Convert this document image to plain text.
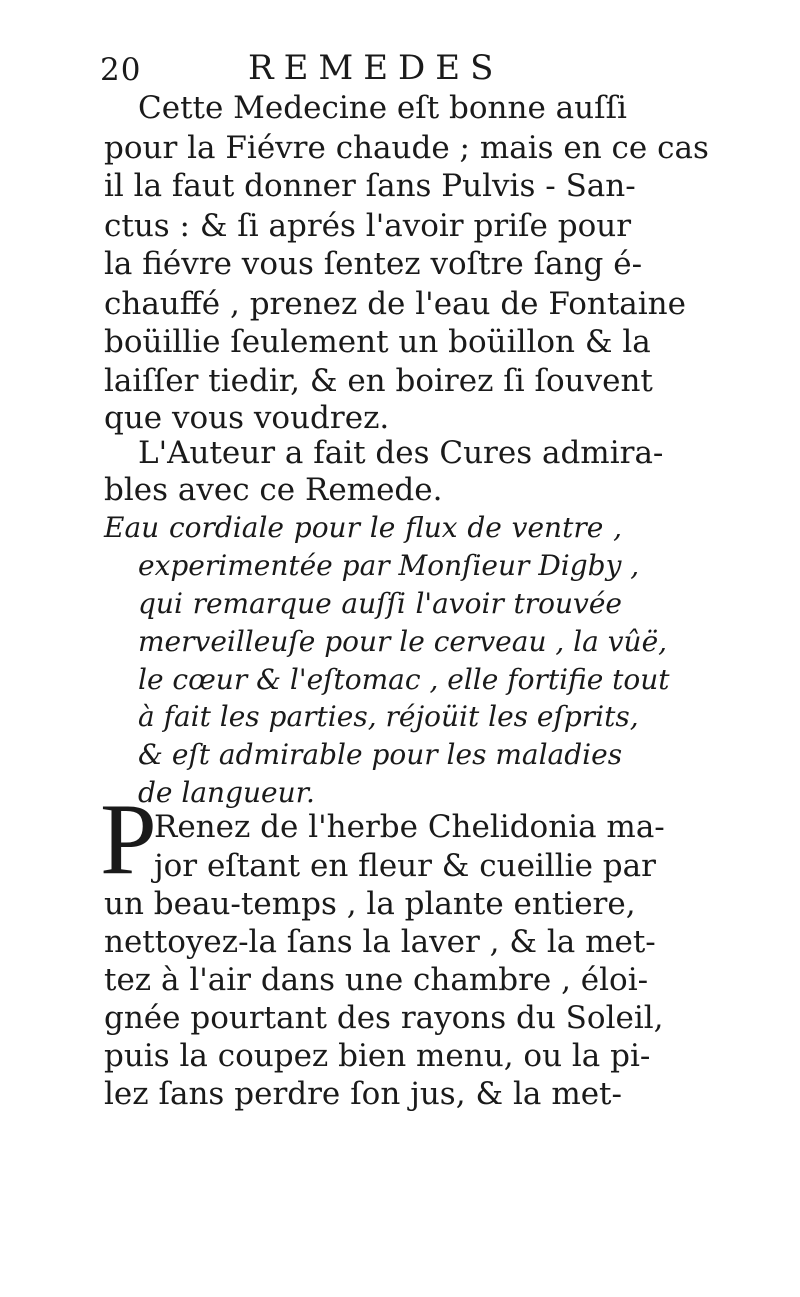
20	REMEDES
Cette Medecine eſt bonne auſſi
pour la Fiévre chaude ; mais en ce cas
il la faut donner ſans Pulvis - San-
ctus : & ſi aprés l'avoir priſe pour
la fiévre vous ſentez voſtre ſang é-
chauffé , prenez de l'eau de Fontaine
boüillie ſeulement un boüillon & la
laiſſer tiedir, & en boirez ſi ſouvent
que vous voudrez.
L'Auteur a fait des Cures admira-
bles avec ce Remede.
Eau cordiale pour le flux de ventre ,
experimentée par Monſieur Digby ,
qui remarque auſſi l'avoir trouvée
merveilleuſe pour le cerveau , la vûë,
le cœur & l'eſtomac , elle fortifie tout
à fait les parties, réjoüit les eſprits,
& eſt admirable pour les maladies
de langueur.
P
Renez de l'herbe Chelidonia ma-
jor eſtant en fleur & cueillie par
un beau-temps , la plante entiere,
nettoyez-la ſans la laver , & la met-
tez à l'air dans une chambre , éloi-
gnée pourtant des rayons du Soleil,
puis la coupez bien menu, ou la pi-
lez ſans perdre ſon jus, & la met-
